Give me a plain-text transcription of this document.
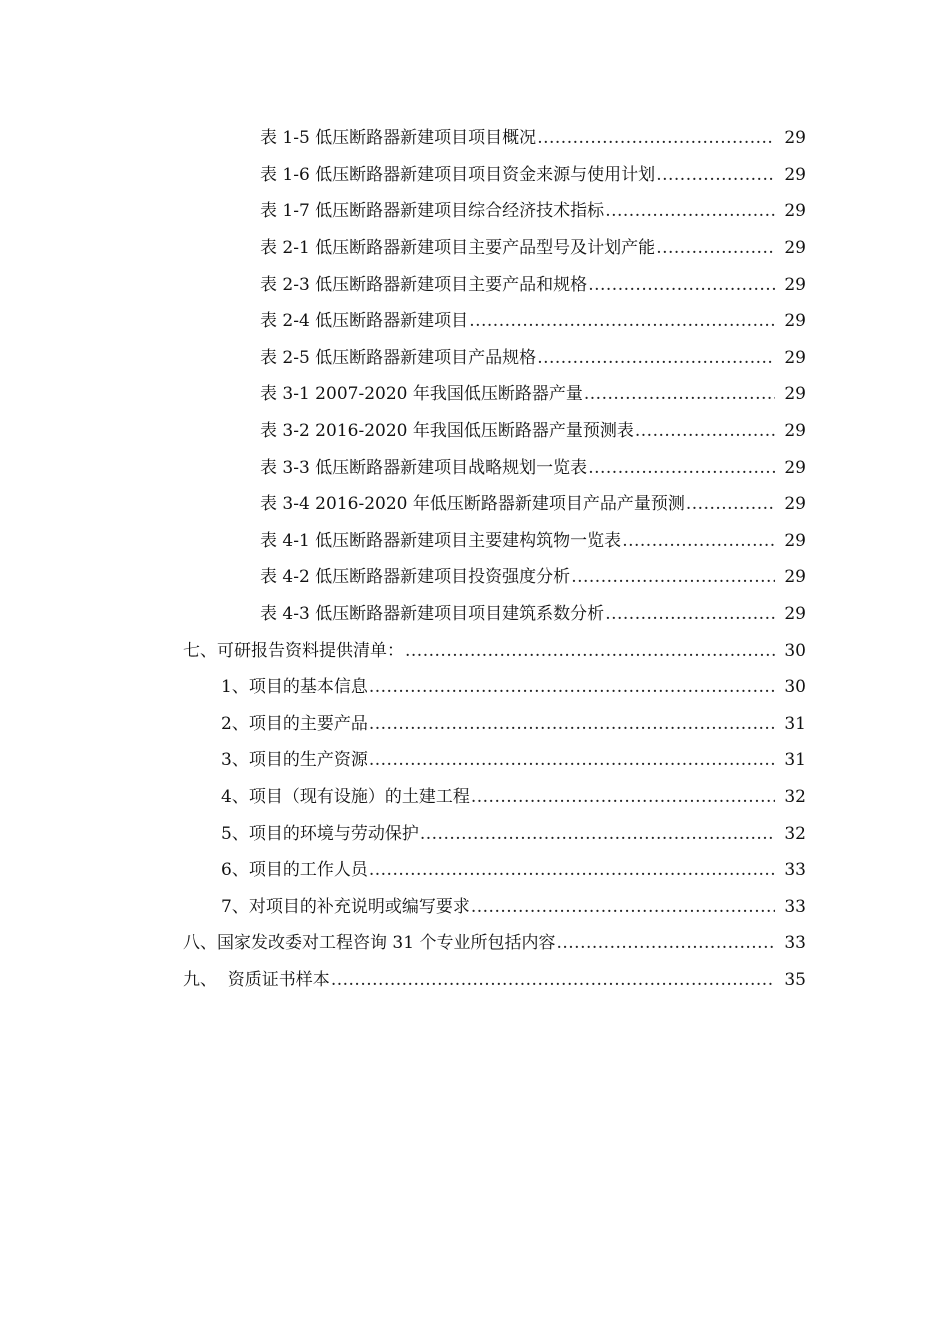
表 1-5 低压断路器新建项目项目概况 .....	29
表 1-6 低压断路器新建项目项目资金来源与使用计划 .....	29
表 1-7 低压断路器新建项目综合经济技术指标 .....	29
表 2-1 低压断路器新建项目主要产品型号及计划产能 .....	29
表 2-3 低压断路器新建项目主要产品和规格 .....	29
表 2-4 低压断路器新建项目 .....	29
表 2-5 低压断路器新建项目产品规格 .....	29
表 3-1 2007-2020 年我国低压断路器产量 .....	29
表 3-2 2016-2020 年我国低压断路器产量预测表 .....	29
表 3-3 低压断路器新建项目战略规划一览表 .....	29
表 3-4 2016-2020 年低压断路器新建项目产品产量预测 .....	29
表 4-1 低压断路器新建项目主要建构筑物一览表 .....	29
表 4-2 低压断路器新建项目投资强度分析 .....	29
表 4-3 低压断路器新建项目项目建筑系数分析 .....	29
七、可研报告资料提供清单： .....	30
1、项目的基本信息 .....	30
2、项目的主要产品 .....	31
3、项目的生产资源 .....	31
4、项目（现有设施）的土建工程 .....	32
5、项目的环境与劳动保护 .....	32
6、项目的工作人员 .....	33
7、对项目的补充说明或编写要求 .....	33
八、国家发改委对工程咨询 31 个专业所包括内容 .....	33
九、  资质证书样本 .....	35
